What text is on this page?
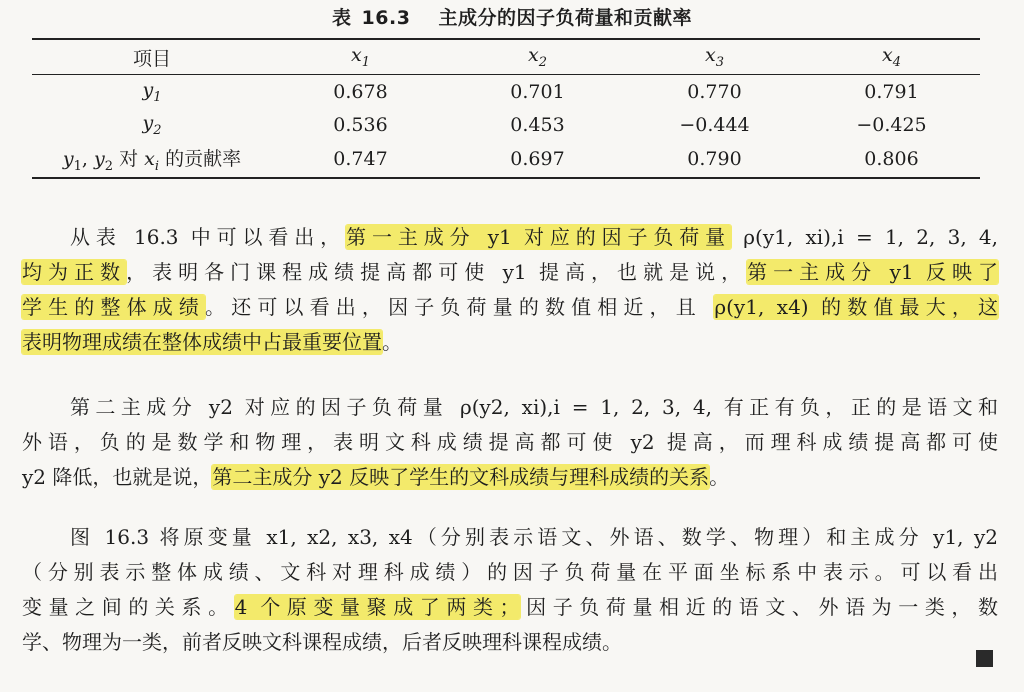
表 16.3 主成分的因子负荷量和贡献率
项目	$x_1$	$x_2$	$x_3$	$x_4$
$y_1$	0.678	0.701	0.770	0.791
$y_2$	0.536	0.453	−0.444	−0.425
$y_1$, $y_2$ 对 $x_i$ 的贡献率	0.747	0.697	0.790	0.806
从表 16.3 中可以看出，第一主成分 y1 对应的因子负荷量 ρ(y1, xi),i = 1, 2, 3, 4,
均为正数，表明各门课程成绩提高都可使 y1 提高，也就是说，第一主成分 y1 反映了
学生的整体成绩。还可以看出，因子负荷量的数值相近，且 ρ(y1, x4) 的数值最大，这
表明物理成绩在整体成绩中占最重要位置。
第二主成分 y2 对应的因子负荷量 ρ(y2, xi),i = 1, 2, 3, 4, 有正有负，正的是语文和
外语，负的是数学和物理，表明文科成绩提高都可使 y2 提高，而理科成绩提高都可使
y2 降低，也就是说，第二主成分 y2 反映了学生的文科成绩与理科成绩的关系。
图 16.3 将原变量 x1, x2, x3, x4（分别表示语文、外语、数学、物理）和主成分 y1, y2
（分别表示整体成绩、文科对理科成绩）的因子负荷量在平面坐标系中表示。可以看出
变量之间的关系。4 个原变量聚成了两类；因子负荷量相近的语文、外语为一类，数
学、物理为一类，前者反映文科课程成绩，后者反映理科课程成绩。
